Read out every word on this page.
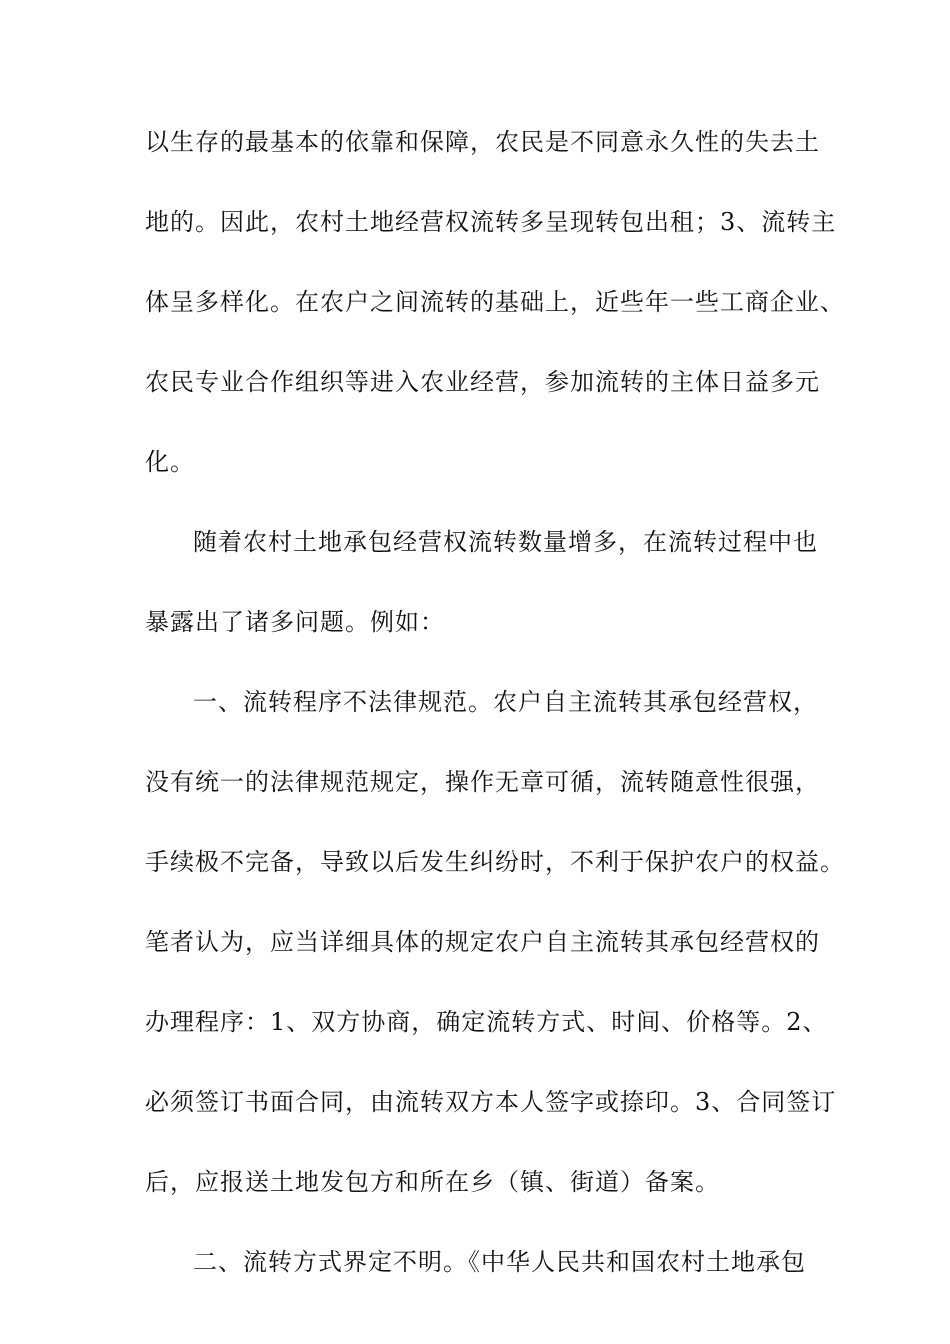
以生存的最基本的依靠和保障，农民是不同意永久性的失去土
地的。因此，农村土地经营权流转多呈现转包出租；3、流转主
体呈多样化。在农户之间流转的基础上，近些年一些工商企业、
农民专业合作组织等进入农业经营，参加流转的主体日益多元
化。
随着农村土地承包经营权流转数量增多，在流转过程中也
暴露出了诸多问题。例如：
一、流转程序不法律规范。农户自主流转其承包经营权，
没有统一的法律规范规定，操作无章可循，流转随意性很强，
手续极不完备，导致以后发生纠纷时，不利于保护农户的权益。
笔者认为，应当详细具体的规定农户自主流转其承包经营权的
办理程序：1、双方协商，确定流转方式、时间、价格等。2、
必须签订书面合同，由流转双方本人签字或捺印。3、合同签订
后，应报送土地发包方和所在乡（镇、街道）备案。
二、流转方式界定不明。《中华人民共和国农村土地承包
